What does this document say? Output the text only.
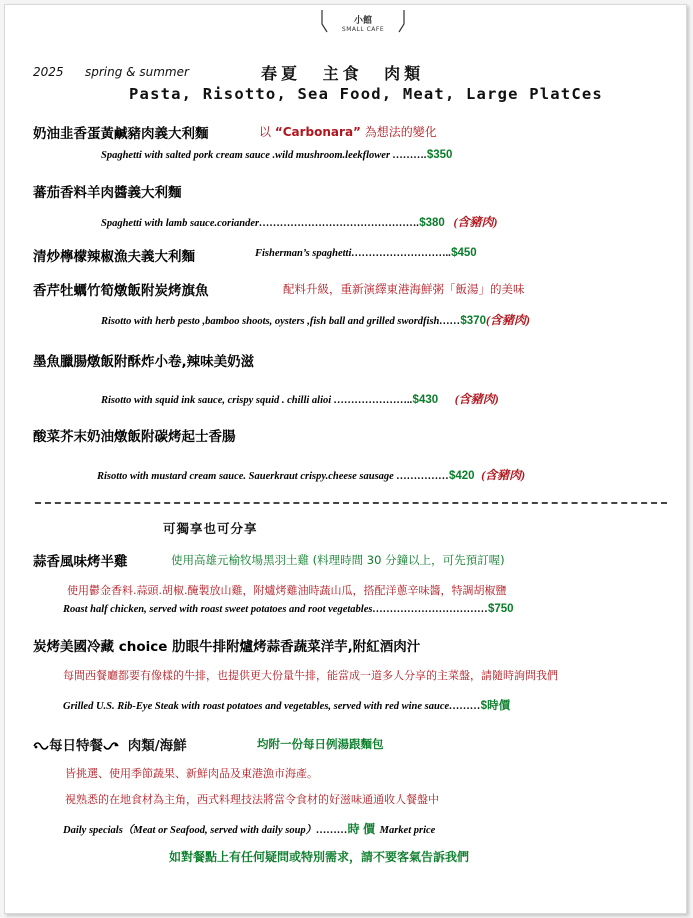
小館
SMALL CAFE
2025 spring & summer	春夏 主食 肉類
Pasta, Risotto, Sea Food, Meat, Large PlatCes
奶油韭香蛋黃鹹豬肉義大利麵	以 “Carbonara” 為想法的變化
Spaghetti with salted pork cream sauce .wild mushroom.leekflower ……….$350
蕃茄香料羊肉醬義大利麵
Spaghetti with lamb sauce.coriander……………………………………….$380 (含豬肉)
清炒檸檬辣椒漁夫義大利麵	Fisherman’s spaghetti………………………..$450
香芹牡蠣竹筍燉飯附炭烤旗魚	配料升級，重新演繹東港海鮮粥「飯湯」的美味
Risotto with herb pesto ,bamboo shoots, oysters ,fish ball and grilled swordfish……$370(含豬肉)
墨魚臘腸燉飯附酥炸小卷,辣味美奶滋
Risotto with squid ink sauce, crispy squid . chilli alioi …………………..$430 (含豬肉)
酸菜芥末奶油燉飯附碳烤起士香腸
Risotto with mustard cream sauce. Sauerkraut crispy.cheese sausage ……………$420 (含豬肉)
可獨享也可分享
蒜香風味烤半雞	使用高雄元榆牧場黑羽土雞 (料理時間 30 分鐘以上，可先預訂喔)
使用鬱金香料.蒜頭.胡椒.醃製放山雞，附爐烤雞油時蔬山瓜，搭配洋蔥辛味醬，特調胡椒鹽
Roast half chicken, served with roast sweet potatoes and root vegetables……………………………$750
炭烤美國冷藏 choice 肋眼牛排附爐烤蒜香蔬菜洋芋,附紅酒肉汁
每間西餐廳都要有像樣的牛排，也提供更大份量牛排，能當成一道多人分享的主菜盤，請隨時詢問我們
Grilled U.S. Rib-Eye Steak with roast potatoes and vegetables, served with red wine sauce………$時價
每日特餐 肉類/海鮮	均附一份每日例湯跟麵包
皆挑選、使用季節蔬果、新鮮肉品及東港漁市海產。
視熟悉的在地食材為主角，西式料理技法將當令食材的好滋味通通收人餐盤中
Daily specials（Meat or Seafood, served with daily soup）………時 價 Market price
如對餐點上有任何疑問或特別需求，請不要客氣告訴我們
